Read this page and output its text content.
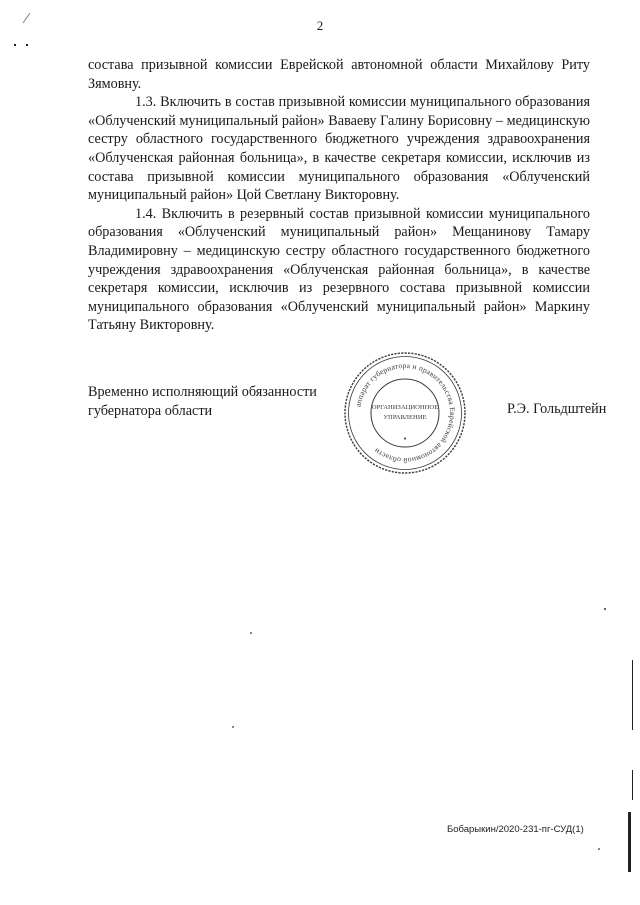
2

состава призывной комиссии Еврейской автономной области Михайлову Риту Зямовну.

1.3. Включить в состав призывной комиссии муниципального образования «Облученский муниципальный район» Ваваеву Галину Борисовну – медицинскую сестру областного государственного бюджетного учреждения здравоохранения «Облученская районная больница», в качестве секретаря комиссии, исключив из состава призывной комиссии муниципального образования «Облученский муниципальный район» Цой Светлану Викторовну.

1.4. Включить в резервный состав призывной комиссии муниципального образования «Облученский муниципальный район» Мещанинову Тамару Владимировну – медицинскую сестру областного государственного бюджетного учреждения здравоохранения «Облученская районная больница», в качестве секретаря комиссии, исключив из резервного состава призывной комиссии муниципального образования «Облученский муниципальный район» Маркину Татьяну Викторовну.

Временно исполняющий обязанности
губернатора области	аппарат губернатора и правительства Еврейской автономной области
ОРГАНИЗАЦИОННОЕ
УПРАВЛЕНИЕ
•
Р.Э. Гольдштейн
Бобарыкин/2020-231-пг-СУД(1)
